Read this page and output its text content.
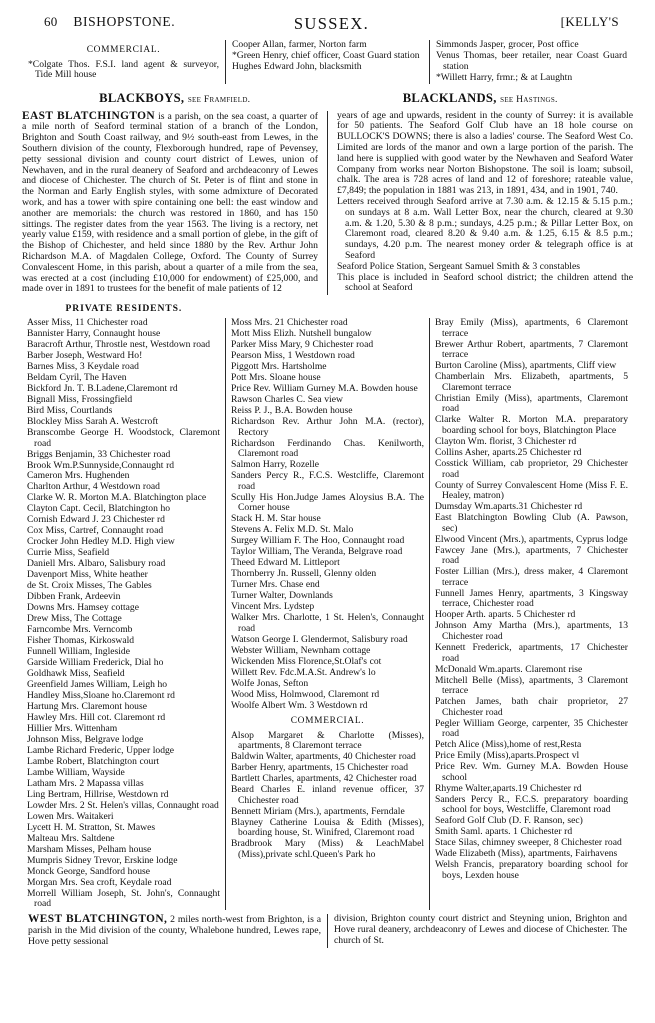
60 BISHOPSTONE.	SUSSEX.	[KELLY'S
COMMERCIAL.
*Colgate Thos. F.S.I. land agent & surveyor, Tide Mill house
Cooper Allan, farmer, Norton farm
*Green Henry, chief officer, Coast Guard station
Hughes Edward John, blacksmith
Simmonds Jasper, grocer, Post office
Venus Thomas, beer retailer, near Coast Guard station
*Willett Harry, frmr.; & at Laughtn
BLACKBOYS, see Framfield.	BLACKLANDS, see Hastings.

EAST BLATCHINGTON is a parish, on the sea coast, a quarter of a mile north of Seaford terminal station of a branch of the London, Brighton and South Coast railway, and 9½ south-east from Lewes, in the Southern division of the county, Flexborough hundred, rape of Pevensey, petty sessional division and county court district of Lewes, union of Newhaven, and in the rural deanery of Seaford and archdeaconry of Lewes and diocese of Chichester. The church of St. Peter is of flint and stone in the Norman and Early English styles, with some admixture of Decorated work, and has a tower with spire containing one bell: the east window and another are memorials: the church was restored in 1860, and has 150 sittings. The register dates from the year 1563. The living is a rectory, net yearly value £159, with residence and a small portion of glebe, in the gift of the Bishop of Chichester, and held since 1880 by the Rev. Arthur John Richardson M.A. of Magdalen College, Oxford. The County of Surrey Convalescent Home, in this parish, about a quarter of a mile from the sea, was erected at a cost (including £10,000 for endowment) of £25,000, and made over in 1891 to trustees for the benefit of male patients of 12

years of age and upwards, resident in the county of Surrey: it is available for 50 patients. The Seaford Golf Club have an 18 hole course on BULLOCK'S DOWNS; there is also a ladies' course. The Seaford West Co. Limited are lords of the manor and own a large portion of the parish. The land here is supplied with good water by the Newhaven and Seaford Water Company from works near Norton Bishopstone. The soil is loam; subsoil, chalk. The area is 728 acres of land and 12 of foreshore; rateable value, £7,849; the population in 1881 was 213, in 1891, 434, and in 1901, 740.

Letters received through Seaford arrive at 7.30 a.m. & 12.15 & 5.15 p.m.; on sundays at 8 a.m. Wall Letter Box, near the church, cleared at 9.30 a.m. & 1.20, 5.30 & 8 p.m.; sundays, 4.25 p.m.; & Pillar Letter Box, on Claremont road, cleared 8.20 & 9.40 a.m. & 1.25, 6.15 & 8.5 p.m.; sundays, 4.20 p.m. The nearest money order & telegraph office is at Seaford

Seaford Police Station, Sergeant Samuel Smith & 3 constables

This place is included in Seaford school district; the children attend the school at Seaford

PRIVATE RESIDENTS.
Asser Miss, 11 Chichester road
Bannister Harry, Connaught house
Baracroft Arthur, Throstle nest, Westdown road
Barber Joseph, Westward Ho!
Barnes Miss, 3 Keydale road
Beldam Cyril, The Haven
Bickford Jn. T. B.Ladene,Claremont rd
Bignall Miss, Frossingfield
Bird Miss, Courtlands
Blockley Miss Sarah A. Westcroft
Branscombe George H. Woodstock, Claremont road
Briggs Benjamin, 33 Chichester road
Brook Wm.P.Sunnyside,Connaught rd
Cameron Mrs. Hughenden
Charlton Arthur, 4 Westdown road
Clarke W. R. Morton M.A. Blatchington place
Clayton Capt. Cecil, Blatchington ho
Cornish Edward J. 23 Chichester rd
Cox Miss, Cartref, Connaught road
Crocker John Hedley M.D. High view
Currie Miss, Seafield
Daniell Mrs. Albaro, Salisbury road
Davenport Miss, White heather
de St. Croix Misses, The Gables
Dibben Frank, Ardeevin
Downs Mrs. Hamsey cottage
Drew Miss, The Cottage
Farncombe Mrs. Verncomb
Fisher Thomas, Kirkoswald
Funnell William, Ingleside
Garside William Frederick, Dial ho
Goldhawk Miss, Seafield
Greenfield James William, Leigh ho
Handley Miss,Sloane ho.Claremont rd
Hartung Mrs. Claremont house
Hawley Mrs. Hill cot. Claremont rd
Hillier Mrs. Wittenham
Johnson Miss, Belgrave lodge
Lambe Richard Frederic, Upper lodge
Lambe Robert, Blatchington court
Lambe William, Wayside
Latham Mrs. 2 Mapassa villas
Ling Bertram, Hillrise, Westdown rd
Lowder Mrs. 2 St. Helen's villas, Connaught road
Lowen Mrs. Waitakeri
Lycett H. M. Stratton, St. Mawes
Malteau Mrs. Saltdene
Marsham Misses, Pelham house
Mumpris Sidney Trevor, Erskine lodge
Monck George, Sandford house
Morgan Mrs. Sea croft, Keydale road
Morrell William Joseph, St. John's, Connaught road
Moss Mrs. 21 Chichester road
Mott Miss Elizh. Nutshell bungalow
Parker Miss Mary, 9 Chichester road
Pearson Miss, 1 Westdown road
Piggott Mrs. Hartsholme
Pott Mrs. Sloane house
Price Rev. William Gurney M.A. Bowden house
Rawson Charles C. Sea view
Reiss P. J., B.A. Bowden house
Richardson Rev. Arthur John M.A. (rector), Rectory
Richardson Ferdinando Chas. Kenilworth, Claremont road
Salmon Harry, Rozelle
Sanders Percy R., F.C.S. Westcliffe, Claremont road
Scully His Hon.Judge James Aloysius B.A. The Corner house
Stack H. M. Star house
Stevens A. Felix M.D. St. Malo
Surgey William F. The Hoo, Connaught road
Taylor William, The Veranda, Belgrave road
Theed Edward M. Littleport
Thornberry Jn. Russell, Glenny olden
Turner Mrs. Chase end
Turner Walter, Downlands
Vincent Mrs. Lydstep
Walker Mrs. Charlotte, 1 St. Helen's, Connaught road
Watson George I. Glendermot, Salisbury road
Webster William, Newnham cottage
Wickenden Miss Florence,St.Olaf's cot
Willett Rev. Fdc.M.A.St. Andrew's lo
Wolfe Jonas, Sefton
Wood Miss, Holmwood, Claremont rd
Woolfe Albert Wm. 3 Westdown rd
COMMERCIAL.
Alsop Margaret & Charlotte (Misses), apartments, 8 Claremont terrace
Baldwin Walter, apartments, 40 Chichester road
Barber Henry, apartments, 15 Chichester road
Bartlett Charles, apartments, 42 Chichester road
Beard Charles E. inland revenue officer, 37 Chichester road
Bennett Miriam (Mrs.), apartments, Ferndale
Blayney Catherine Louisa & Edith (Misses), boarding house, St. Winifred, Claremont road
Bradbrook Mary (Miss) & LeachMabel (Miss),private schl.Queen's Park ho
Bray Emily (Miss), apartments, 6 Claremont terrace
Brewer Arthur Robert, apartments, 7 Claremont terrace
Burton Caroline (Miss), apartments, Cliff view
Chamberlain Mrs. Elizabeth, apartments, 5 Claremont terrace
Christian Emily (Miss), apartments, Claremont road
Clarke Walter R. Morton M.A. preparatory boarding school for boys, Blatchington Place
Clayton Wm. florist, 3 Chichester rd
Collins Asher, aparts.25 Chichester rd
Cosstick William, cab proprietor, 29 Chichester road
County of Surrey Convalescent Home (Miss F. E. Healey, matron)
Dumsday Wm.aparts.31 Chichester rd
East Blatchington Bowling Club (A. Pawson, sec)
Elwood Vincent (Mrs.), apartments, Cyprus lodge
Fawcey Jane (Mrs.), apartments, 7 Chichester road
Foster Lillian (Mrs.), dress maker, 4 Claremont terrace
Funnell James Henry, apartments, 3 Kingsway terrace, Chichester road
Hooper Arth. aparts. 5 Chichester rd
Johnson Amy Martha (Mrs.), apartments, 13 Chichester road
Kennett Frederick, apartments, 17 Chichester road
McDonald Wm.aparts. Claremont rise
Mitchell Belle (Miss), apartments, 3 Claremont terrace
Patchen James, bath chair proprietor, 27 Chichester road
Pegler William George, carpenter, 35 Chichester road
Petch Alice (Miss),home of rest,Resta
Price Emily (Miss),aparts.Prospect vl
Price Rev. Wm. Gurney M.A. Bowden House school
Rhyme Walter,aparts.19 Chichester rd
Sanders Percy R., F.C.S. preparatory boarding school for boys, Westcliffe, Claremont road
Seaford Golf Club (D. F. Ranson, sec)
Smith Saml. aparts. 1 Chichester rd
Stace Silas, chimney sweeper, 8 Chichester road
Wade Elizabeth (Miss), apartments, Fairhavens
Welsh Francis, preparatory boarding school for boys, Lexden house

WEST BLATCHINGTON, 2 miles north-west from Brighton, is a parish in the Mid division of the county, Whalebone hundred, Lewes rape, Hove petty sessional

division, Brighton county court district and Steyning union, Brighton and Hove rural deanery, archdeaconry of Lewes and diocese of Chichester. The church of St.
